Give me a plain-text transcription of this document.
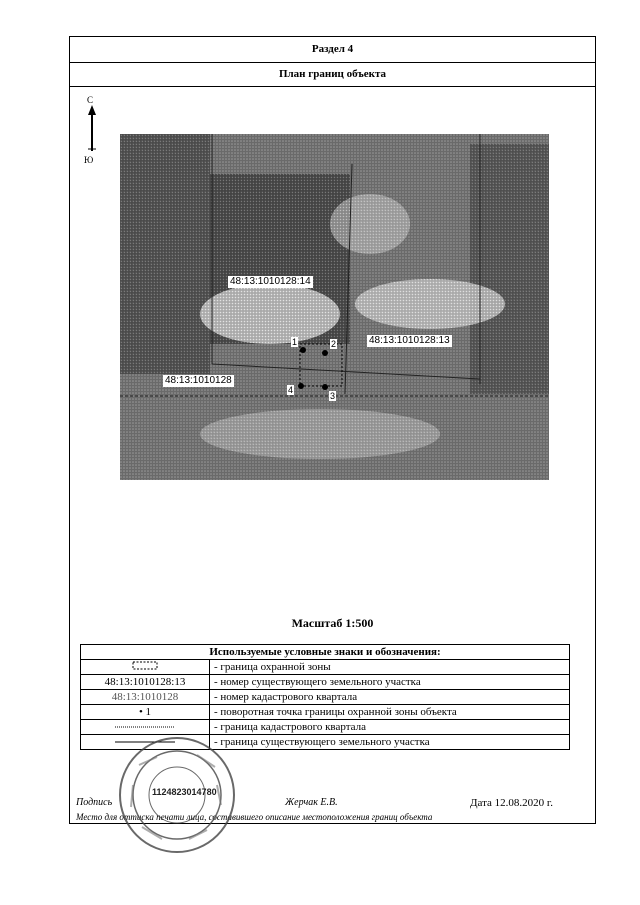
Раздел 4
План границ объекта
С
Ю
48:13:1010128:14
48:13:1010128:13
48:13:1010128
1	2
3
4
Масштаб 1:500
Используемые условные знаки и обозначения:	
	- граница охранной зоны
48:13:1010128:13	- номер существующего земельного участка
48:13:1010128	- номер кадастрового квартала
• 1	- поворотная точка границы охранной зоны объекта
	- граница кадастрового квартала
	- граница существующего земельного участка
Подпись	Жерчак Е.В.	Дата 12.08.2020 г.
Место для оттиска печати лица, составившего описание местоположения границ объекта
1124823014780
